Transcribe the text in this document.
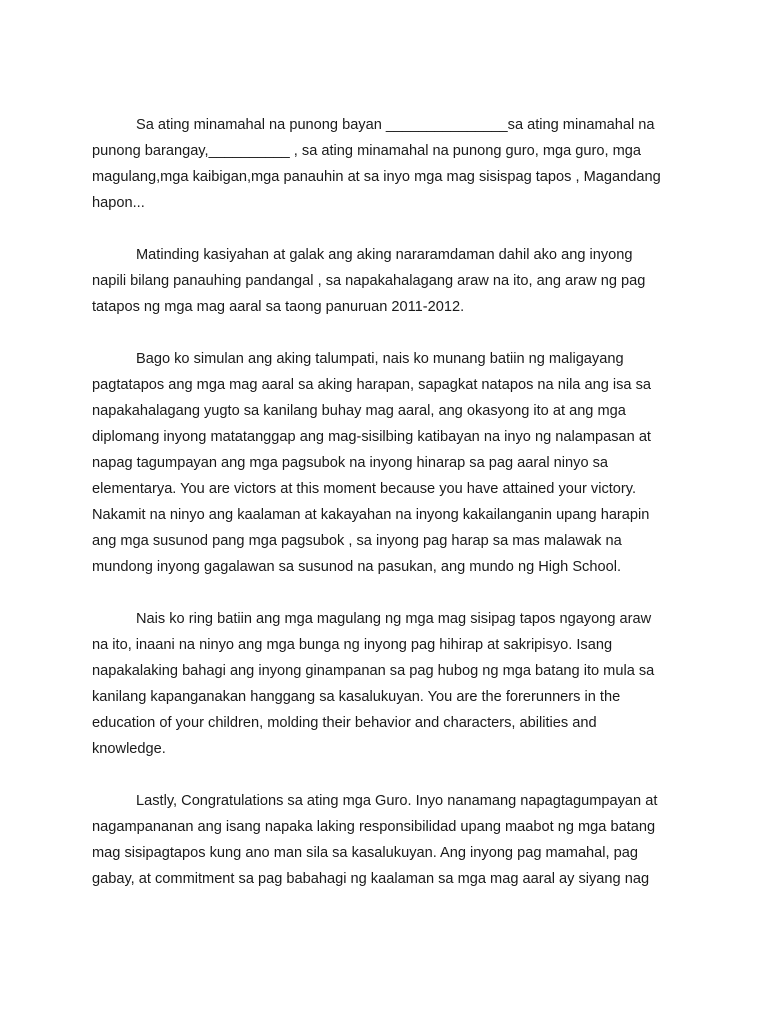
Sa ating minamahal na punong bayan _______________sa ating minamahal na
punong barangay,__________ , sa ating minamahal na punong guro, mga guro, mga
magulang,mga kaibigan,mga panauhin at sa inyo mga mag sisispag tapos , Magandang
hapon...
Matinding kasiyahan at galak ang aking nararamdaman dahil ako ang inyong
napili bilang panauhing pandangal , sa napakahalagang araw na ito, ang araw ng pag
tatapos ng mga mag aaral sa taong panuruan 2011-2012.
Bago ko simulan ang aking talumpati, nais ko munang batiin ng maligayang
pagtatapos ang mga mag aaral sa aking harapan, sapagkat natapos na nila ang isa sa
napakahalagang yugto sa kanilang buhay mag aaral, ang okasyong ito at ang mga
diplomang inyong matatanggap ang mag-sisilbing katibayan na inyo ng nalampasan at
napag tagumpayan ang mga pagsubok na inyong hinarap sa pag aaral ninyo sa
elementarya. You are victors at this moment because you have attained your victory.
Nakamit na ninyo ang kaalaman at kakayahan na inyong kakailanganin upang harapin
ang mga susunod pang mga pagsubok , sa inyong pag harap sa mas malawak na
mundong inyong gagalawan sa susunod na pasukan, ang mundo ng High School.
Nais ko ring batiin ang mga magulang ng mga mag sisipag tapos ngayong araw
na ito, inaani na ninyo ang mga bunga ng inyong pag hihirap at sakripisyo. Isang
napakalaking bahagi ang inyong ginampanan sa pag hubog ng mga batang ito mula sa
kanilang kapanganakan hanggang sa kasalukuyan. You are the forerunners in the
education of your children, molding their behavior and characters, abilities and
knowledge.
Lastly, Congratulations sa ating mga Guro. Inyo nanamang napagtagumpayan at
nagampananan ang isang napaka laking responsibilidad upang maabot ng mga batang
mag sisipagtapos kung ano man sila sa kasalukuyan. Ang inyong pag mamahal, pag
gabay, at commitment sa pag babahagi ng kaalaman sa mga mag aaral ay siyang nag
